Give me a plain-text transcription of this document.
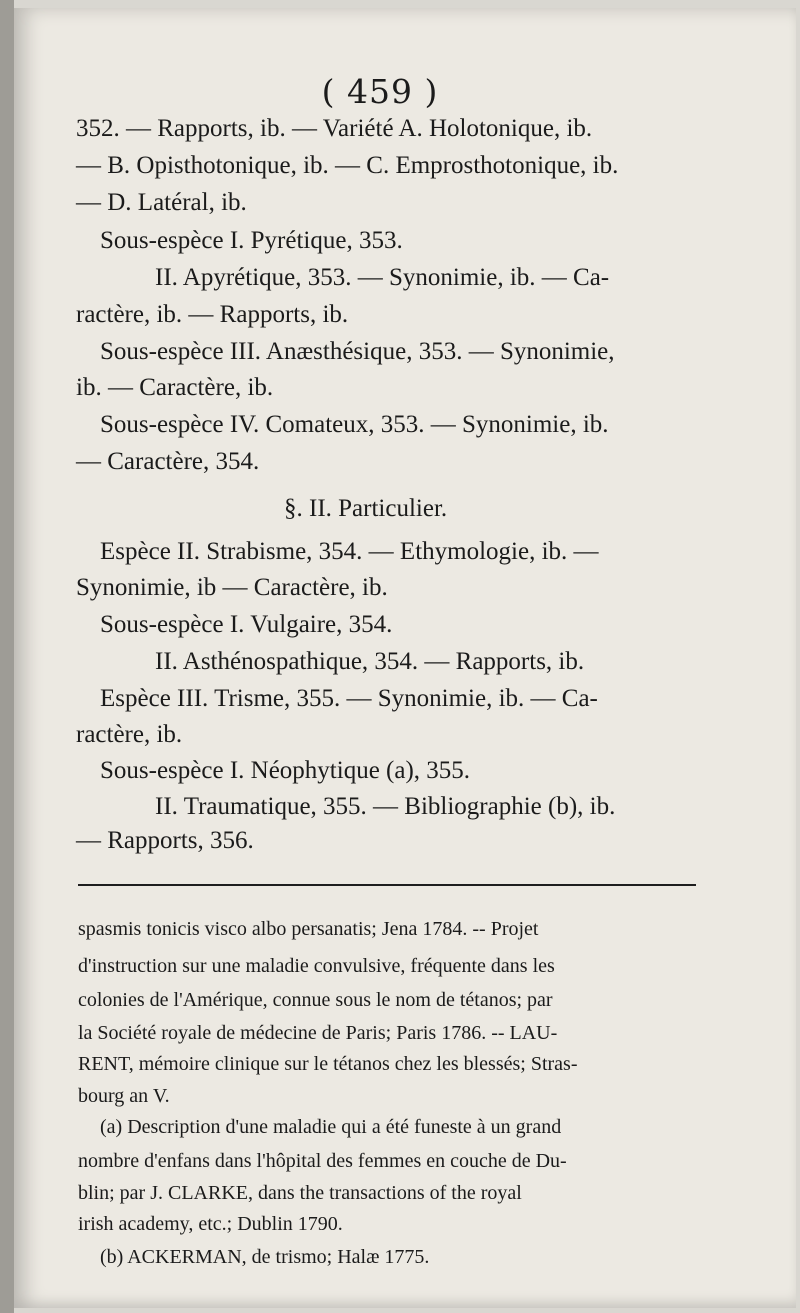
( 459 )
352. — Rapports, ib. — Variété A. Holotonique, ib.
— B. Opisthotonique, ib. — C. Emprosthotonique, ib.
— D. Latéral, ib.
Sous-espèce I. Pyrétique, 353.
II. Apyrétique, 353. — Synonimie, ib. — Ca-
ractère, ib. — Rapports, ib.
Sous-espèce III. Anæsthésique, 353. — Synonimie,
ib. — Caractère, ib.
Sous-espèce IV. Comateux, 353. — Synonimie, ib.
— Caractère, 354.
§. II. Particulier.
Espèce II. Strabisme, 354. — Ethymologie, ib. —
Synonimie, ib — Caractère, ib.
Sous-espèce I. Vulgaire, 354.
II. Asthénospathique, 354. — Rapports, ib.
Espèce III. Trisme, 355. — Synonimie, ib. — Ca-
ractère, ib.
Sous-espèce I. Néophytique (a), 355.
II. Traumatique, 355. — Bibliographie (b), ib.
— Rapports, 356.
spasmis tonicis visco albo persanatis; Jena 1784. -- Projet
d'instruction sur une maladie convulsive, fréquente dans les
colonies de l'Amérique, connue sous le nom de tétanos; par
la Société royale de médecine de Paris; Paris 1786. -- LAU-
RENT, mémoire clinique sur le tétanos chez les blessés; Stras-
bourg an V.
(a) Description d'une maladie qui a été funeste à un grand
nombre d'enfans dans l'hôpital des femmes en couche de Du-
blin; par J. CLARKE, dans the transactions of the royal
irish academy, etc.; Dublin 1790.
(b) ACKERMAN, de trismo; Halæ 1775.
